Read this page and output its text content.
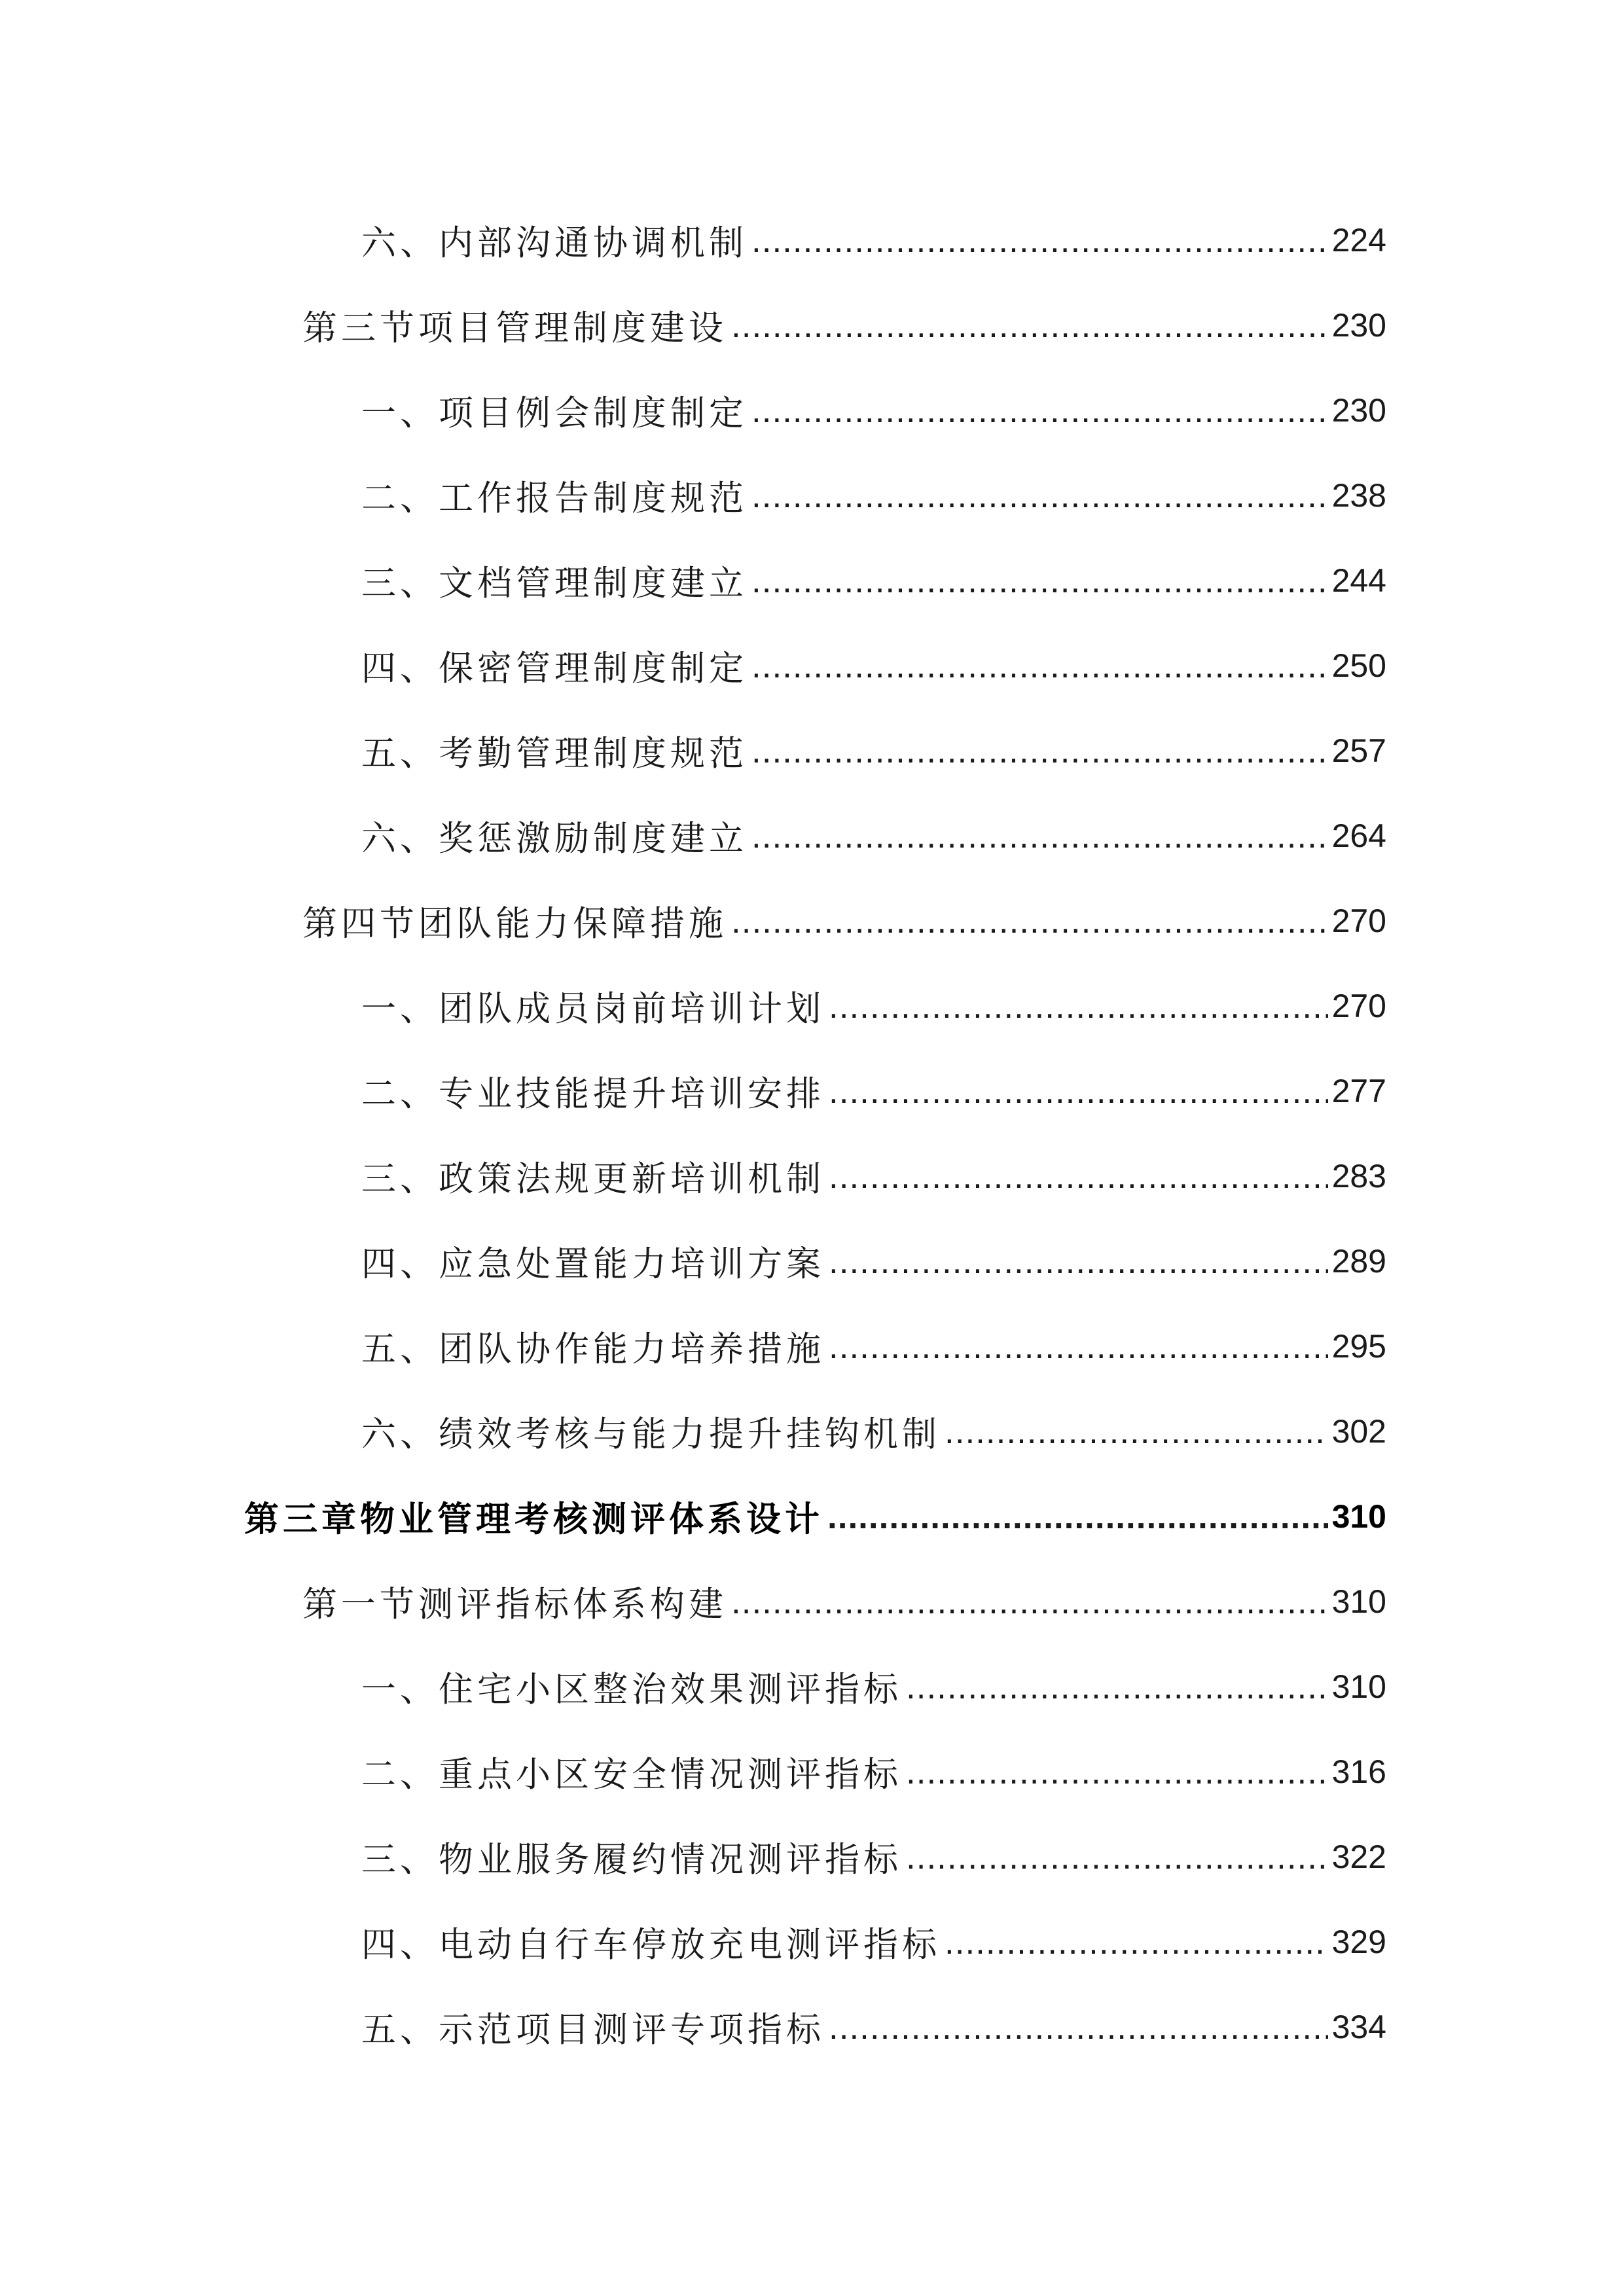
六、内部沟通协调机制 .....	224
第三节项目管理制度建设 .....	230
一、项目例会制度制定 .....	230
二、工作报告制度规范 .....	238
三、文档管理制度建立 .....	244
四、保密管理制度制定 .....	250
五、考勤管理制度规范 .....	257
六、奖惩激励制度建立 .....	264
第四节团队能力保障措施 .....	270
一、团队成员岗前培训计划 .....	270
二、专业技能提升培训安排 .....	277
三、政策法规更新培训机制 .....	283
四、应急处置能力培训方案 .....	289
五、团队协作能力培养措施 .....	295
六、绩效考核与能力提升挂钩机制 .....	302
第三章物业管理考核测评体系设计 .....	310
第一节测评指标体系构建 .....	310
一、住宅小区整治效果测评指标 .....	310
二、重点小区安全情况测评指标 .....	316
三、物业服务履约情况测评指标 .....	322
四、电动自行车停放充电测评指标 .....	329
五、示范项目测评专项指标 .....	334
